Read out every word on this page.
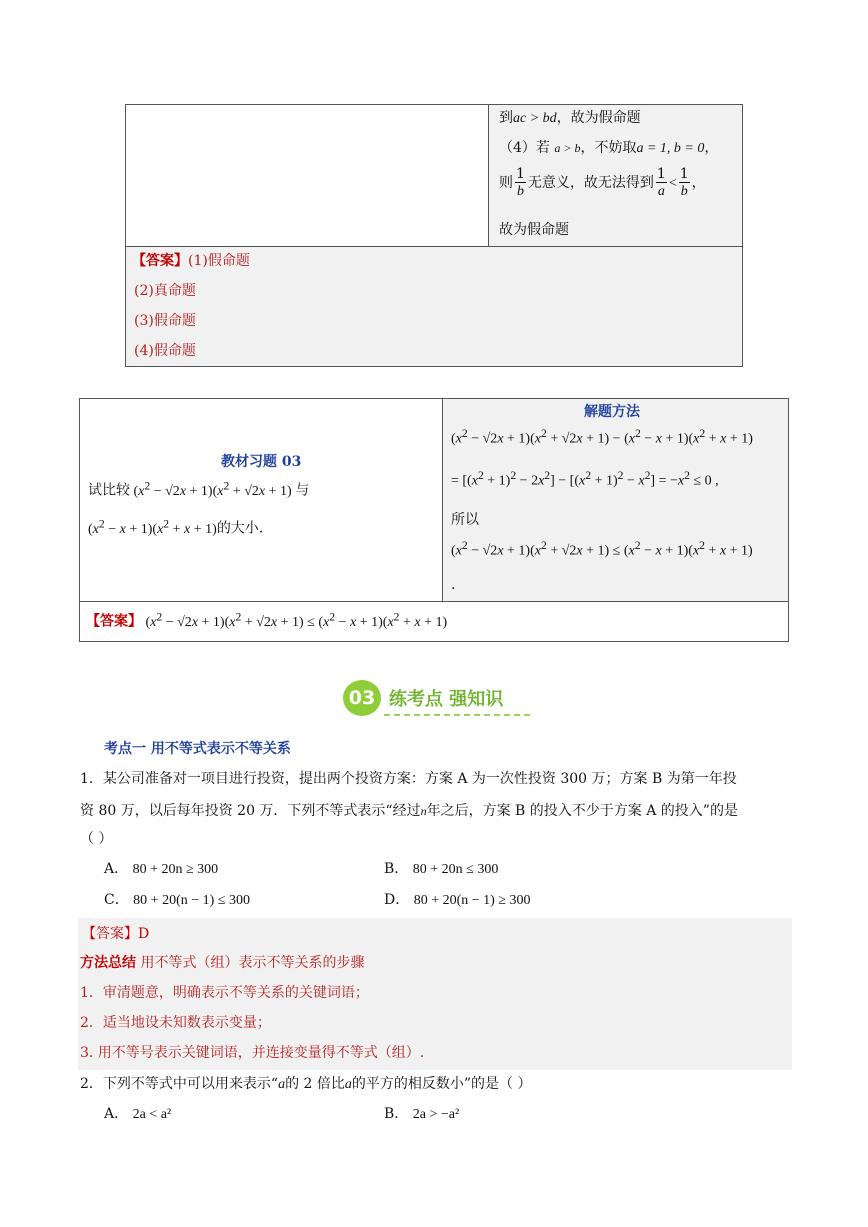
到ac > bd，故为假命题
（4）若 a > b，不妨取a = 1, b = 0，
则 $\frac{1}{b}$ 无意义，故无法得到 $\frac{1}{a} < \frac{1}{b}$ ，
故为假命题

【答案】(1)假命题
(2)真命题
(3)假命题
(4)假命题
教材习题 03
试比较 $(x^2 - √2x + 1)(x^2 + √2x + 1)$ 与
$(x^2 - x + 1)(x^2 + x + 1)$的大小.

解题方法
$(x^2 - √2x + 1)(x^2 + √2x + 1) - (x^2 - x + 1)(x^2 + x + 1)$
= $[(x^2 + 1)^2 - 2x^2] - [(x^2 + 1)^2 - x^2] = -x^2 \le 0$ ,
所以
$(x^2 - √2x + 1)(x^2 + √2x + 1) \le (x^2 - x + 1)(x^2 + x + 1)$
.

【答案】 $(x^2 - √2x + 1)(x^2 + √2x + 1) \le (x^2 - x + 1)(x^2 + x + 1)$
03 练考点 强知识
考点一 用不等式表示不等关系
1．某公司准备对一项目进行投资，提出两个投资方案：方案 A 为一次性投资 300 万；方案 B 为第一年投
资 80 万，以后每年投资 20 万．下列不等式表示“经过n年之后，方案 B 的投入不少于方案 A 的投入”的是
（ ）
A． 80 + 20n ≥ 300	B． 80 + 20n ≤ 300
C． 80 + 20(n − 1) ≤ 300	D． 80 + 20(n − 1) ≥ 300
【答案】D
方法总结 用不等式（组）表示不等关系的步骤
1．审清题意，明确表示不等关系的关键词语；
2．适当地设未知数表示变量；
3. 用不等号表示关键词语，并连接变量得不等式（组）.
2．下列不等式中可以用来表示“a的 2 倍比a的平方的相反数小”的是（ ）
A． 2a < a²	B． 2a > −a²
